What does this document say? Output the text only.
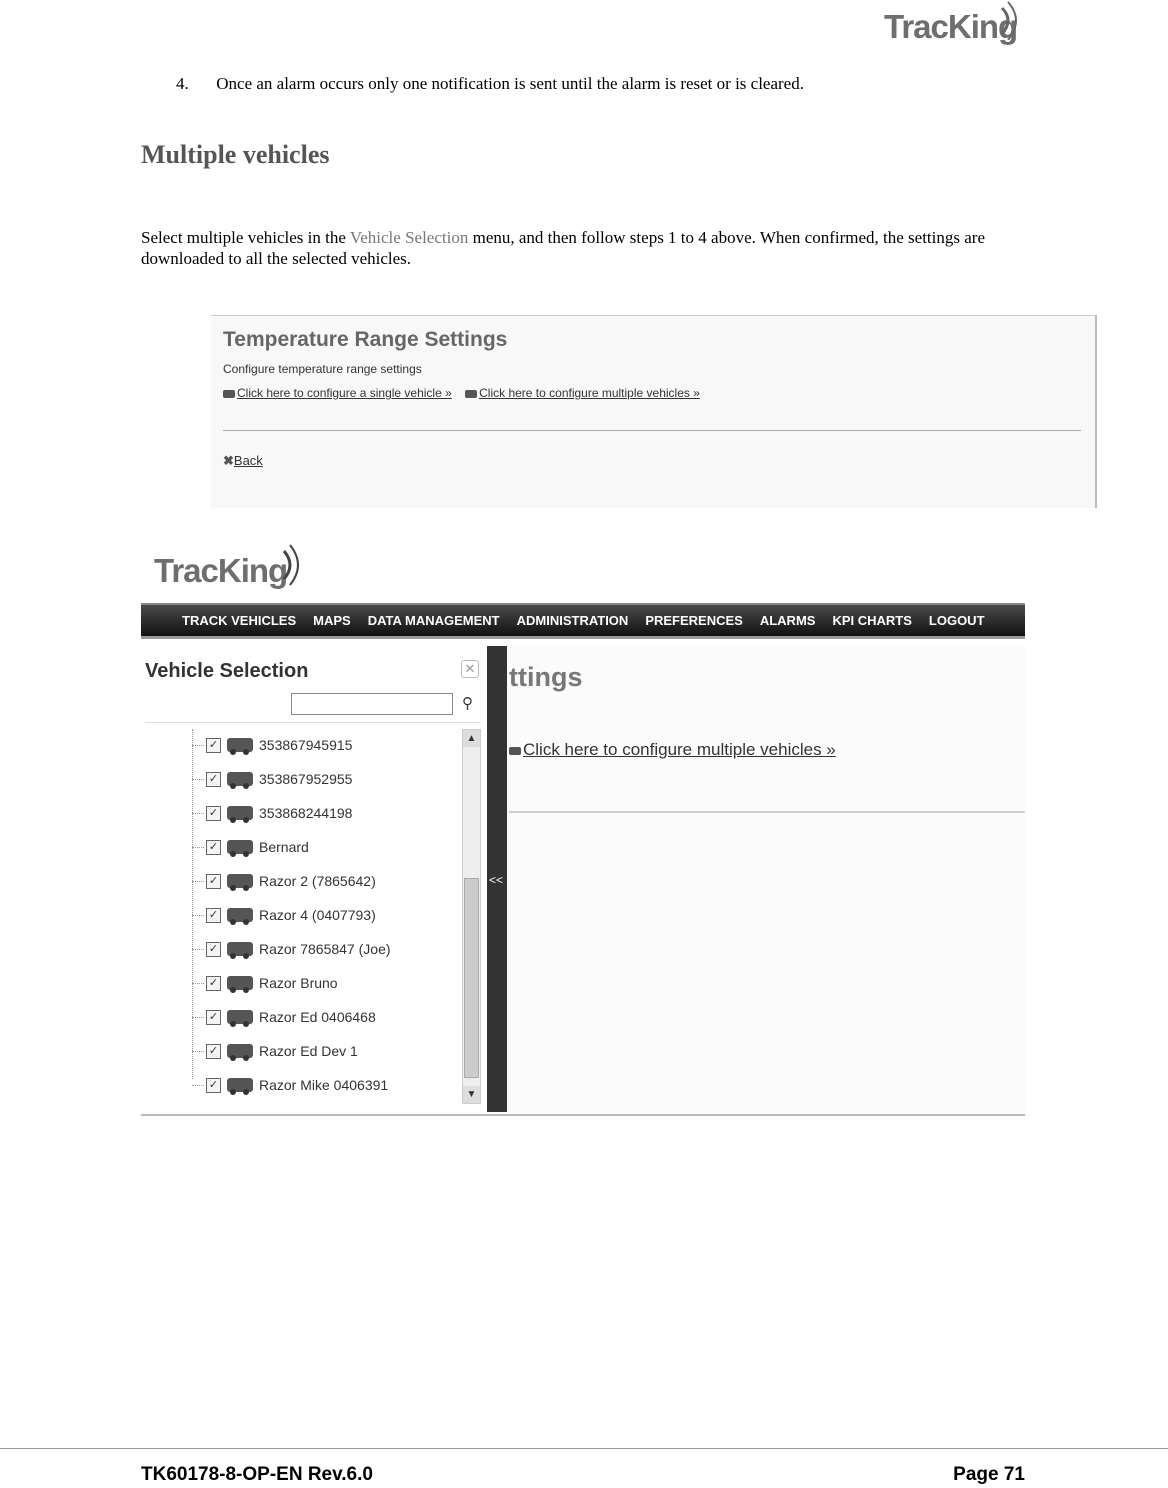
TracKing
4. Once an alarm occurs only one notification is sent until the alarm is reset or is cleared.
Multiple vehicles

Select multiple vehicles in the Vehicle Selection menu, and then follow steps 1 to 4 above. When confirmed, the settings are downloaded to all the selected vehicles.

Temperature Range Settings
Configure temperature range settings
Click here to configure a single vehicle » Click here to configure multiple vehicles »
✖Back
TracKing
TRACK VEHICLES MAPS DATA MANAGEMENT ADMINISTRATION PREFERENCES ALARMS KPI CHARTS LOGOUT
ttings
Click here to configure multiple vehicles »
Vehicle Selection	✕
⚲
✓	353867945915
✓	353867952955
✓	353868244198
✓	Bernard
✓	Razor 2 (7865642)
✓	Razor 4 (0407793)
✓	Razor 7865847 (Joe)
✓	Razor Bruno
✓	Razor Ed 0406468
✓	Razor Ed Dev 1
✓	Razor Mike 0406391
▲
▼
<<
TK60178-8-OP-EN Rev.6.0	Page 71
